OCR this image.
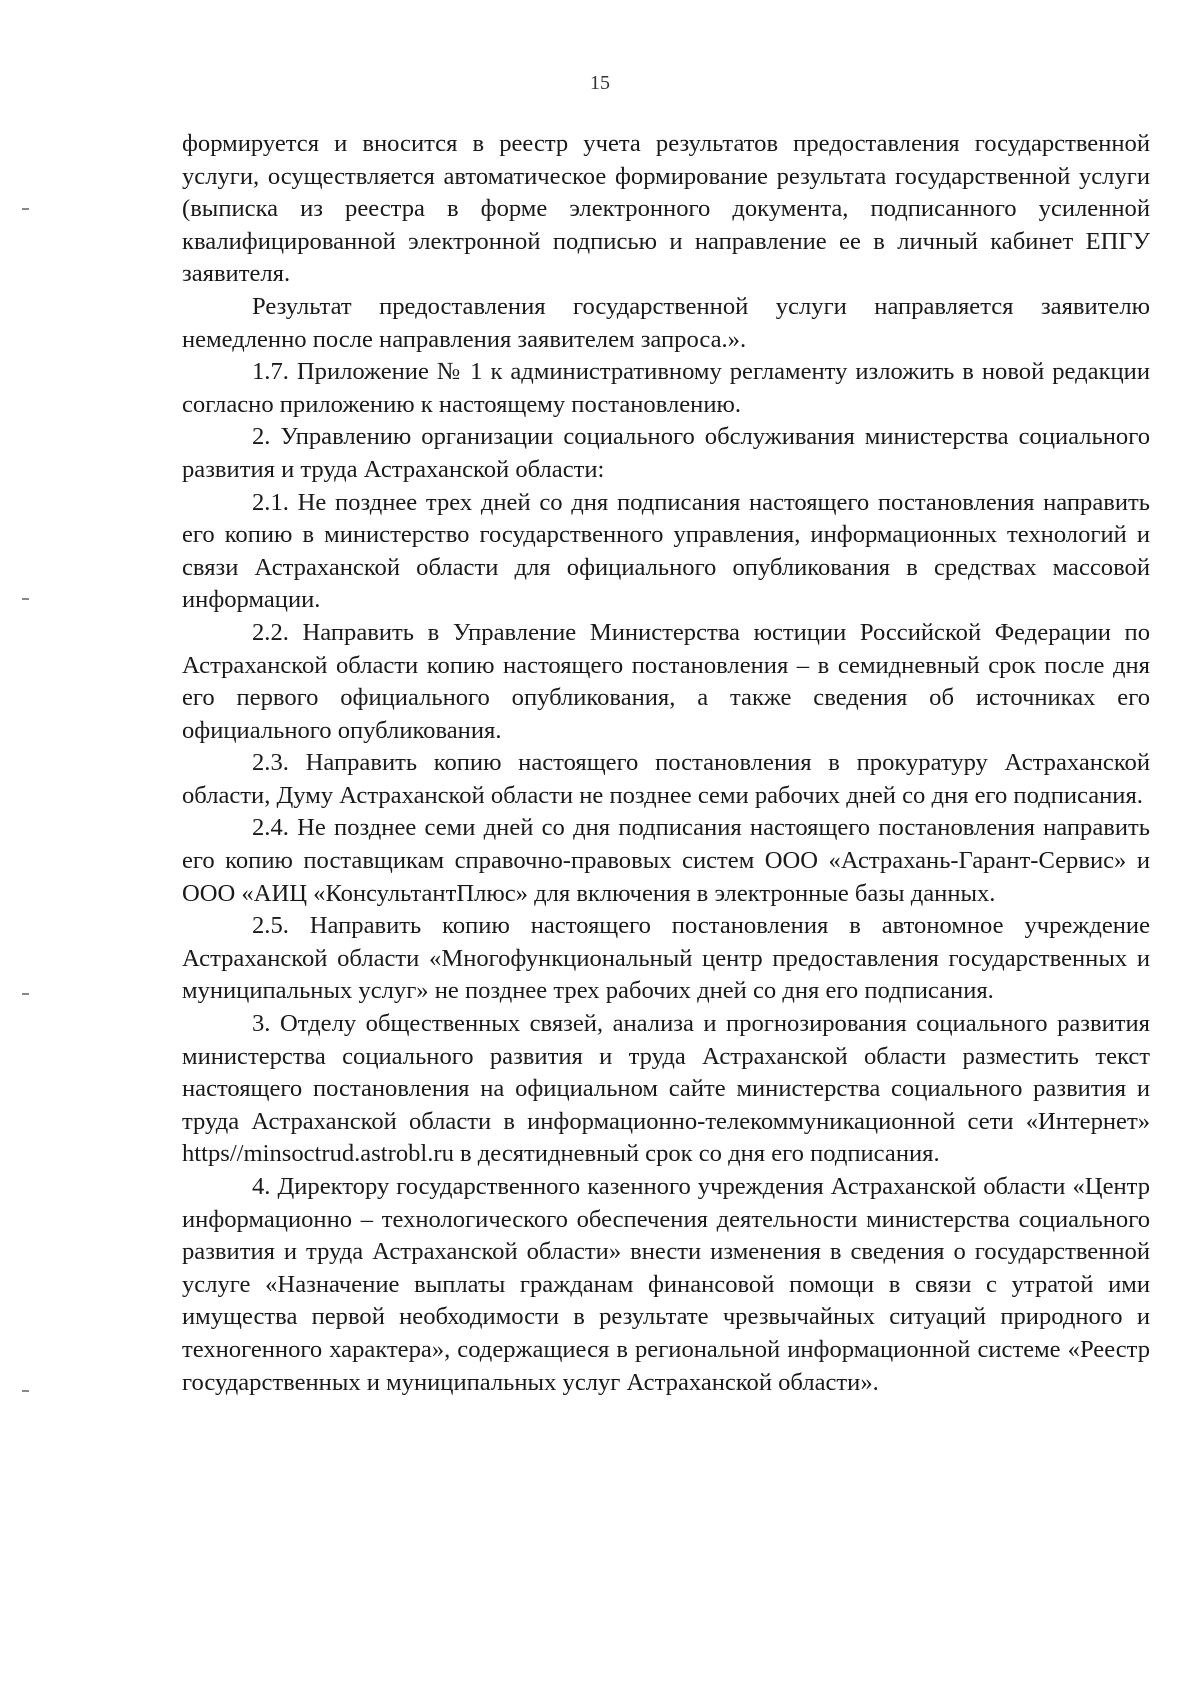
15

формируется и вносится в реестр учета результатов предоставления государственной услуги, осуществляется автоматическое формирование результата государственной услуги (выписка из реестра в форме электронного документа, подписанного усиленной квалифицированной электронной подписью и направление ее в личный кабинет ЕПГУ заявителя.

Результат предоставления государственной услуги направляется заявителю немедленно после направления заявителем запроса.».

1.7. Приложение № 1 к административному регламенту изложить в новой редакции согласно приложению к настоящему постановлению.

2. Управлению организации социального обслуживания министерства социального развития и труда Астраханской области:

2.1. Не позднее трех дней со дня подписания настоящего постановления направить его копию в министерство государственного управления, информационных технологий и связи Астраханской области для официального опубликования в средствах массовой информации.

2.2. Направить в Управление Министерства юстиции Российской Федерации по Астраханской области копию настоящего постановления – в семидневный срок после дня его первого официального опубликования, а также сведения об источниках его официального опубликования.

2.3. Направить копию настоящего постановления в прокуратуру Астраханской области, Думу Астраханской области не позднее семи рабочих дней со дня его подписания.

2.4. Не позднее семи дней со дня подписания настоящего постановления направить его копию поставщикам справочно-правовых систем ООО «Астрахань-Гарант-Сервис» и ООО «АИЦ «КонсультантПлюс» для включения в электронные базы данных.

2.5. Направить копию настоящего постановления в автономное учреждение Астраханской области «Многофункциональный центр предоставления государственных и муниципальных услуг» не позднее трех рабочих дней со дня его подписания.

3. Отделу общественных связей, анализа и прогнозирования социального развития министерства социального развития и труда Астраханской области разместить текст настоящего постановления на официальном сайте министерства социального развития и труда Астраханской области в информационно-телекоммуникационной сети «Интернет» https//minsoctrud.astrobl.ru в десятидневный срок со дня его подписания.

4. Директору государственного казенного учреждения Астраханской области «Центр информационно – технологического обеспечения деятельности министерства социального развития и труда Астраханской области» внести изменения в сведения о государственной услуге «Назначение выплаты гражданам финансовой помощи в связи с утратой ими имущества первой необходимости в результате чрезвычайных ситуаций природного и техногенного характера», содержащиеся в региональной информационной системе «Реестр государственных и муниципальных услуг Астраханской области».
